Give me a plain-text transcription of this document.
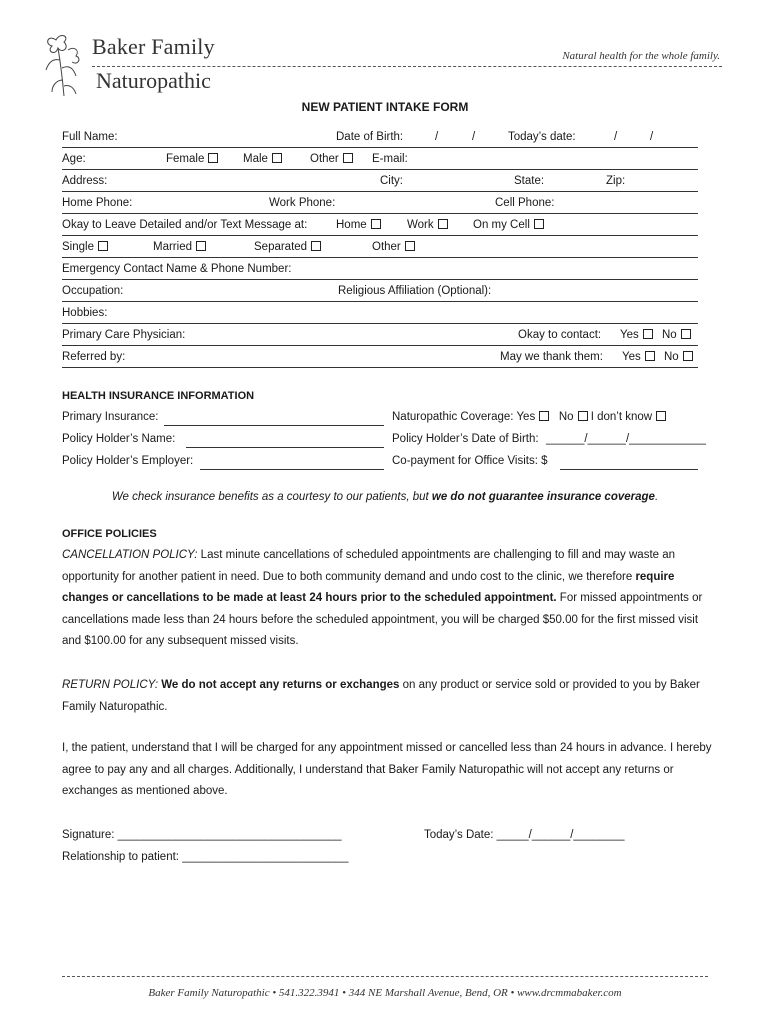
Baker Family
Naturopathic
Natural health for the whole family.
NEW PATIENT INTAKE FORM
Full Name:	Date of Birth:	/	/	Today’s date:	/	/
Age:	Female	Male	Other	E-mail:
Address:	City:	State:	Zip:
Home Phone:	Work Phone:	Cell Phone:
Okay to Leave Detailed and/or Text Message at: Home	Work	On my Cell
Single	Married	Separated	Other
Emergency Contact Name & Phone Number:
Occupation:	Religious Affiliation (Optional):
Hobbies:
Primary Care Physician:	Okay to contact: Yes	No
Referred by:	May we thank them: Yes	No
HEALTH INSURANCE INFORMATION
Primary Insurance:	Naturopathic Coverage: Yes No I don’t know
Policy Holder’s Name:	Policy Holder’s Date of Birth: ______/______/____________
Policy Holder’s Employer:	Co-payment for Office Visits: $
We check insurance benefits as a courtesy to our patients, but we do not guarantee insurance coverage.
OFFICE POLICIES
CANCELLATION POLICY: Last minute cancellations of scheduled appointments are challenging to fill and may waste an opportunity for another patient in need. Due to both community demand and undo cost to the clinic, we therefore require changes or cancellations to be made at least 24 hours prior to the scheduled appointment. For missed appointments or cancellations made less than 24 hours before the scheduled appointment, you will be charged $50.00 for the first missed visit and $100.00 for any subsequent missed visits.
RETURN POLICY: We do not accept any returns or exchanges on any product or service sold or provided to you by Baker Family Naturopathic.
I, the patient, understand that I will be charged for any appointment missed or cancelled less than 24 hours in advance. I hereby agree to pay any and all charges. Additionally, I understand that Baker Family Naturopathic will not accept any returns or exchanges as mentioned above.
Signature: ___________________________________	Today’s Date: _____/______/________
Relationship to patient: __________________________
Baker Family Naturopathic • 541.322.3941 • 344 NE Marshall Avenue, Bend, OR • www.drcmmabaker.com
